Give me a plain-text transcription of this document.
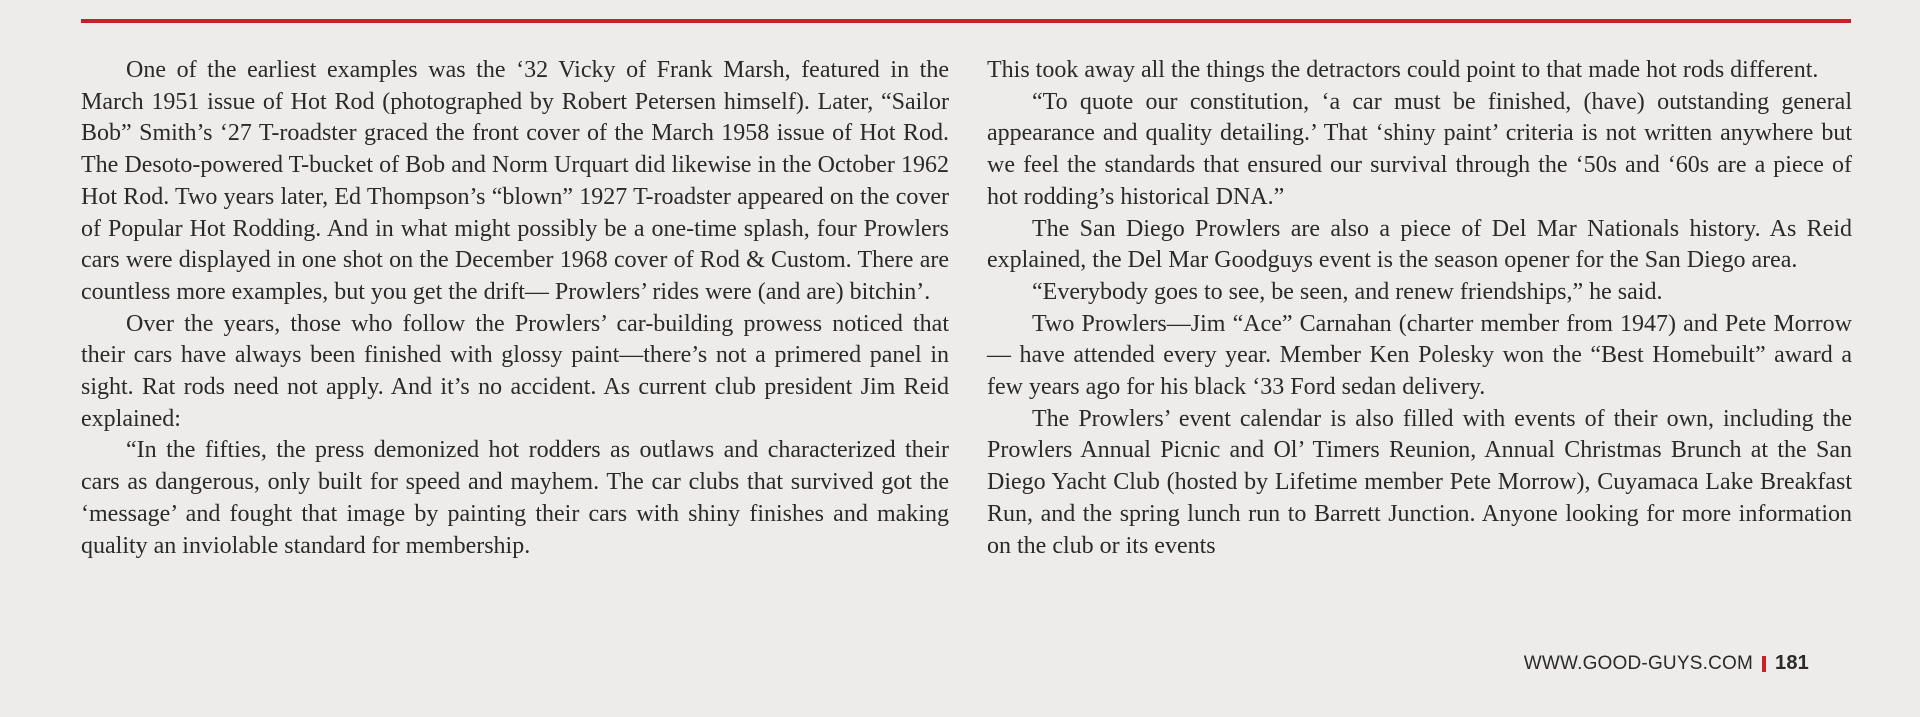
One of the earliest examples was the ‘32 Vicky of Frank Marsh, featured in the March 1951 issue of Hot Rod (photographed by Robert Petersen himself). Later, “Sailor Bob” Smith’s ‘27 T-roadster graced the front cover of the March 1958 issue of Hot Rod. The Desoto-powered T-bucket of Bob and Norm Urquart did likewise in the October 1962 Hot Rod. Two years later, Ed Thompson’s “blown” 1927 T-roadster appeared on the cover of Popular Hot Rodding. And in what might possibly be a one-time splash, four Prowlers cars were displayed in one shot on the December 1968 cover of Rod & Custom. There are countless more examples, but you get the drift— Prowlers’ rides were (and are) bitchin’.

Over the years, those who follow the Prowlers’ car-building prowess noticed that their cars have always been finished with glossy paint—there’s not a primered panel in sight. Rat rods need not apply. And it’s no accident. As current club president Jim Reid explained:

“In the fifties, the press demonized hot rodders as outlaws and characterized their cars as dangerous, only built for speed and mayhem. The car clubs that survived got the ‘message’ and fought that image by painting their cars with shiny finishes and making quality an inviolable standard for membership.

This took away all the things the detractors could point to that made hot rods different.

“To quote our constitution, ‘a car must be finished, (have) outstanding general appearance and quality detailing.’ That ‘shiny paint’ criteria is not written anywhere but we feel the standards that ensured our survival through the ‘50s and ‘60s are a piece of hot rodding’s historical DNA.”

The San Diego Prowlers are also a piece of Del Mar Nationals history. As Reid explained, the Del Mar Goodguys event is the season opener for the San Diego area.

“Everybody goes to see, be seen, and renew friendships,” he said.

Two Prowlers—Jim “Ace” Carnahan (charter member from 1947) and Pete Morrow— have attended every year. Member Ken Polesky won the “Best Homebuilt” award a few years ago for his black ‘33 Ford sedan delivery.

The Prowlers’ event calendar is also filled with events of their own, including the Prowlers Annual Picnic and Ol’ Timers Reunion, Annual Christmas Brunch at the San Diego Yacht Club (hosted by Lifetime member Pete Morrow), Cuyamaca Lake Breakfast Run, and the spring lunch run to Barrett Junction. Anyone looking for more information on the club or its events

WWW.GOOD-GUYS.COM 181
